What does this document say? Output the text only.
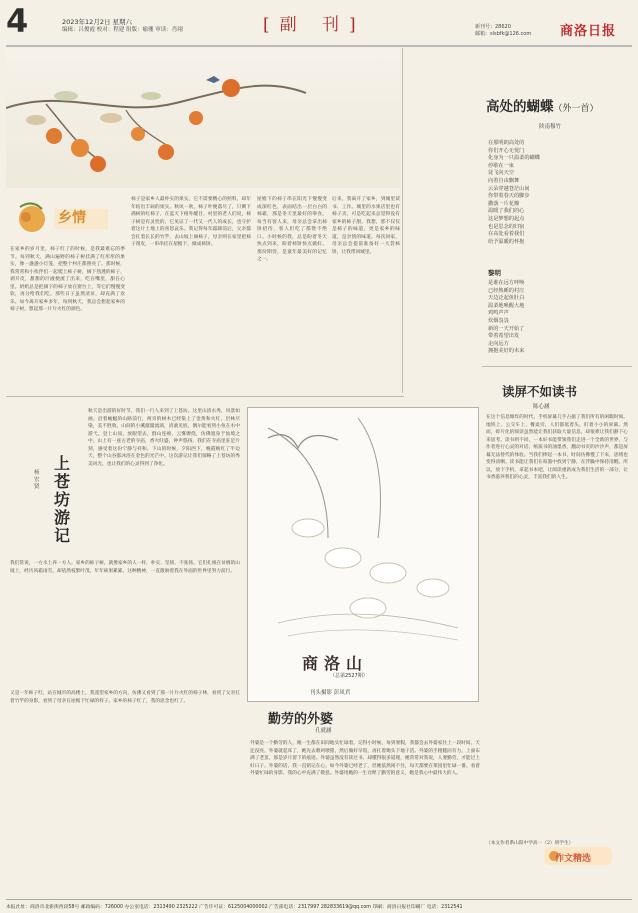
4	2023年12月2日 星期六
编辑：吕俊霞 校对：程建 组版：喻珊 审读：肖翊	[副 刊]	新刊号：28620
邮箱：slsbfk@126.com 商洛日报
乡情
在家乡的岁月里，柿子红了的时候，是我最难忘的季节。每到秋天，满山遍野的柿子树挂满了红彤彤的果实，像一盏盏小灯笼，把整个村庄都照亮了。那时候，我常常和小伙伴们一起爬上柿子树，摘下熟透的柿子，剥开皮，甜甜的汁液便流了出来，吃在嘴里，甜在心里。奶奶总是把摘下的柿子放在窗台上，等它们慢慢变软，再分给我们吃。那些日子虽然清贫，却充满了欢乐。如今离开家乡多年，每到秋天，我总会想起家乡的柿子树，想起那一片片火红的颜色。
柿子是家乡人最朴实的果实，它不需要精心的照料，却年年结出丰硕的果实。秋风一吹，柿子叶便落尽了，只剩下满树的红柿子，在蓝天下格外醒目。村里的老人们说，柿子树是有灵性的，它见证了一代又一代人的成长，也守护着这片土地上的喜怒哀乐。我记得每年霜降前后，父亲都会扛着长长的竹竿，去山坡上摘柿子，母亲则在家里把柿子削皮，一串串挂在屋檐下，做成柿饼。
屋檐下的柿子串在阳光下慢慢变成深红色，表面结出一层白白的柿霜，那是冬天里最好的零食。每当有客人来，母亲总会拿出柿饼招待，客人们吃了都赞不绝口。小时候的我，总是盼着冬天快点到来，盼着柿饼快点做好。那份期待，是童年最美好的记忆之一。
后来，我离开了家乡，到城里读书、工作。城里的水果店里也有柿子卖，可是吃起来总觉得没有家乡的柿子甜。我想，那不仅仅是柿子的味道，更是家乡的味道，是亲情的味道。每次回家，母亲总会提前准备好一大袋柿饼，让我带回城里。
高处的蝴蝶（外一首）
陕南穆竹
在那明朗高处的
你们开心无忧门
化身为一只温柔的蝴蝶
停歇在一束
徒飞向天空
向着自由飘舞
云朵穿越苍茫山间
你带着春天的脚步
撒落一片花瓣
温暖了我们的心
这是梦想的起点
也是思念的归宿
在高处看着我们
给予温暖的怀抱
黎明
是谁在远方呼唤
已经熟睡的村庄
天边泛起鱼肚白
温柔地唤醒大地
鸡鸣声声
炊烟袅袅
新的一天开始了
带着希望出发
走向远方
拥抱美好的未来
读屏不如读书
陈心涵
在这个信息爆炸的时代，手机屏幕几乎占据了我们所有的闲暇时间。地铁上、公交车上、餐桌旁，人们都低着头，盯着小小的屏幕。然而，碎片化的阅读虽然能让我们获取大量信息，却很难让我们静下心来思考。读书则不同，一本好书能带领我们走进一个全新的世界，与作者进行心灵的对话。纸质书的油墨香，翻动书页的沙沙声，都是屏幕无法替代的体验。当我们捧起一本书，时间仿佛慢了下来，思绪也变得清晰。读书能让我们在喧嚣中找到宁静，在浮躁中保持清醒。所以，放下手机，拿起书本吧，让阅读重新成为我们生活的一部分，让书香滋养我们的心灵，丰富我们的人生。
上苍坊游记
杨宏贤
秋天是出游的好时节，我们一行人来到了上苍坊。这里山清水秀，风景如画。沿着蜿蜒的山路前行，两旁的树木已经染上了金黄和火红，层林尽染，美不胜收。山间的小溪潺潺流淌，清澈见底，偶尔能看到小鱼在水中游弋。登上山顶，放眼望去，群山连绵，云雾缭绕，仿佛置身于仙境之中。山上有一座古老的寺庙，香火旺盛，钟声悠扬。我们在寺庙里驻足片刻，感受着这份宁静与祥和。下山的时候，夕阳西下，晚霞映红了半边天，整个山谷都沐浴在金色的光芒中。这次游记让我们领略了上苍坊的秀美风光，也让我们的心灵得到了净化。
我们常说，一方水土养一方人。家乡的柿子树，就像家乡的人一样，朴实、坚韧、不张扬。它们扎根在贫瘠的山坡上，经历风霜雨雪，却依然枝繁叶茂，年年硕果累累。这种精神，一直激励着我在外面的世界里努力前行。
又是一年柿子红，站在城市的高楼上，我遥望家乡的方向，仿佛又看到了那一片片火红的柿子林，看到了父亲扛着竹竿的身影，看到了母亲在屋檐下忙碌的样子。家乡的柿子红了，我的思念也红了。
商洛山
（总第2527期）
刊头摄影 彭凤君
勤劳的外婆
孔就涵
外婆是一个勤劳的人，她一生都在田间地头忙碌着。记得小时候，每到暑假，我都会去外婆家住上一段时间。天还没亮，外婆就起床了，她先去喂鸡喂猪，然后做好早饭，再扛着锄头下地干活。外婆的手粗糙而有力，上面布满了老茧，那是岁月留下的痕迹。外婆虽然没有读过书，却懂得很多道理，她常常对我说，人要勤劳，才能过上好日子。外婆的话，我一直铭记在心。如今外婆已经老了，但她依然闲不住，每天都要在菜园里忙碌一番。看着外婆忙碌的身影，我的心中充满了敬意。外婆用她的一生诠释了勤劳的意义，她是我心中最伟大的人。
（本文作者系山阳中学高一（2）班学生）
作文精选
本报社址：商洛市北新街西段58号 邮政编码：726000 办公室电话：2313490 2325222 广告许可证：6125004000002 广告部电话：2317997 282833619@qq.com 印刷：商洛日报社印刷厂 电话：2312541
